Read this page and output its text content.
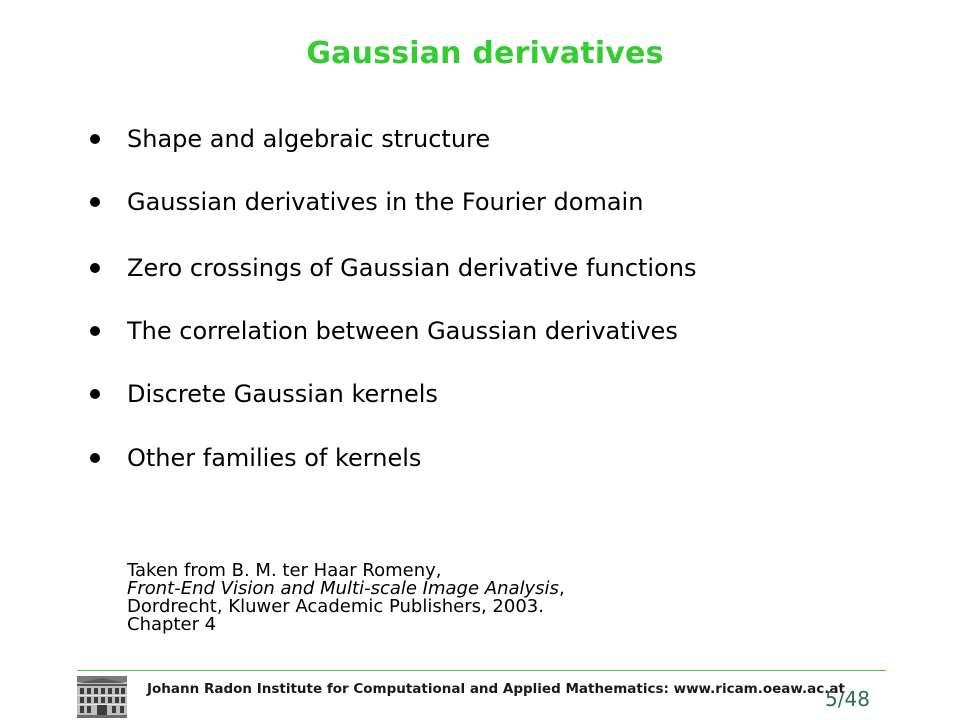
Gaussian derivatives
Shape and algebraic structure
Gaussian derivatives in the Fourier domain
Zero crossings of Gaussian derivative functions
The correlation between Gaussian derivatives
Discrete Gaussian kernels
Other families of kernels
Taken from B. M. ter Haar Romeny,
Front-End Vision and Multi-scale Image Analysis,
Dordrecht, Kluwer Academic Publishers, 2003.
Chapter 4
Johann Radon Institute for Computational and Applied Mathematics: www.ricam.oeaw.ac.at
5/48
